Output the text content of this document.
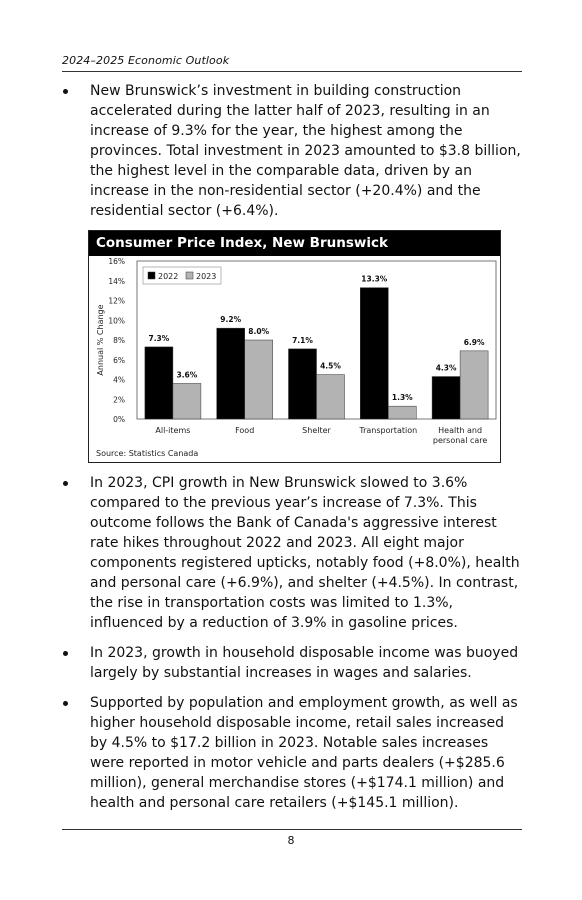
2024–2025 Economic Outlook
New Brunswick’s investment in building construction accelerated during the latter half of 2023, resulting in an increase of 9.3% for the year, the highest among the provinces. Total investment in 2023 amounted to $3.8 billion, the highest level in the comparable data, driven by an increase in the non-residential sector (+20.4%) and the residential sector (+6.4%).
0%
2%
4%
6%
8%
10%
12%
14%
16%
Annual % Change	7.3%
3.6%
All-items
9.2%
8.0%
Food
7.1%
4.5%
Shelter
13.3%
1.3%
Transportation
4.3%
6.9%
Health and
personal care
2022 2023
Consumer Price Index, New Brunswick
Source: Statistics Canada
In 2023, CPI growth in New Brunswick slowed to 3.6% compared to the previous year’s increase of 7.3%. This outcome follows the Bank of Canada's aggressive interest rate hikes throughout 2022 and 2023. All eight major components registered upticks, notably food (+8.0%), health and personal care (+6.9%), and shelter (+4.5%). In contrast, the rise in transportation costs was limited to 1.3%, influenced by a reduction of 3.9% in gasoline prices.
In 2023, growth in household disposable income was buoyed largely by substantial increases in wages and salaries.
Supported by population and employment growth, as well as higher household disposable income, retail sales increased by 4.5% to $17.2 billion in 2023. Notable sales increases were reported in motor vehicle and parts dealers (+$285.6 million), general merchandise stores (+$174.1 million) and health and personal care retailers (+$145.1 million).
8
